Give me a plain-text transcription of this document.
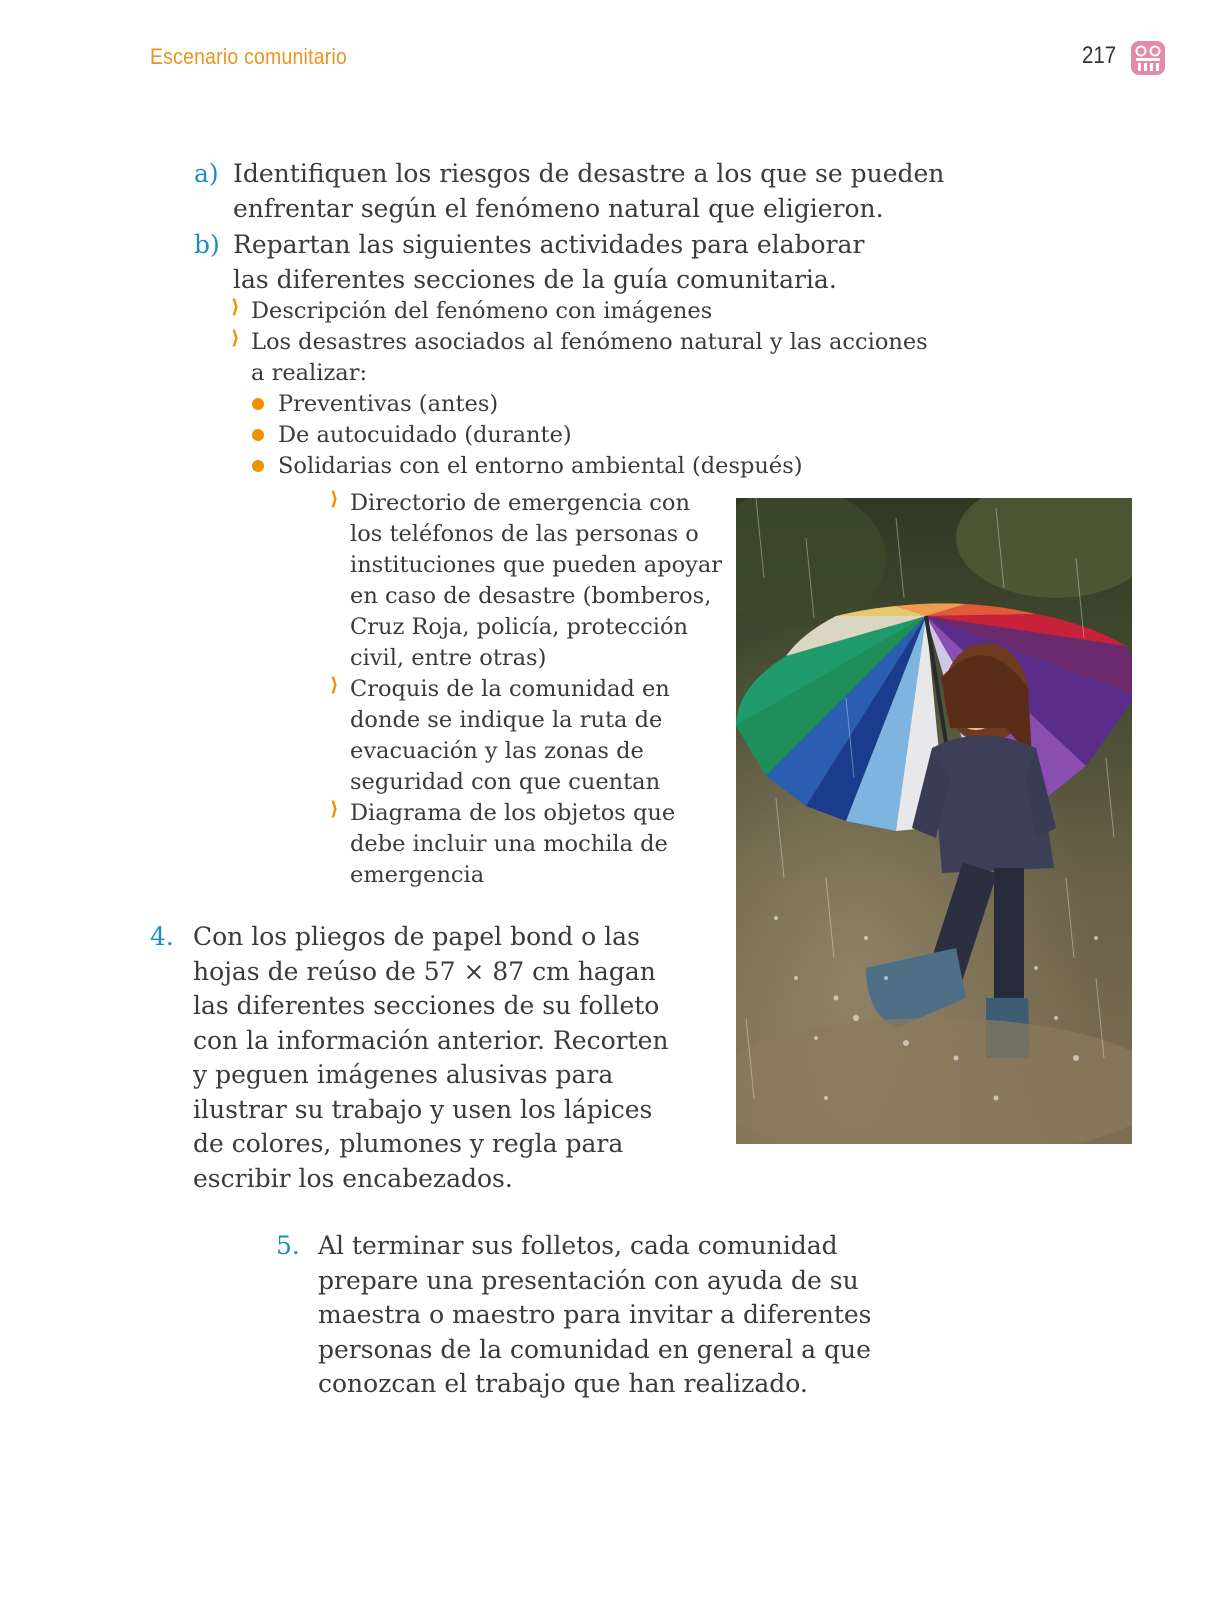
Escenario comunitario	217
a) Identifiquen los riesgos de desastre a los que se pueden
enfrentar según el fenómeno natural que eligieron.
b) Repartan las siguientes actividades para elaborar
las diferentes secciones de la guía comunitaria.
⟩ Descripción del fenómeno con imágenes
⟩ Los desastres asociados al fenómeno natural y las acciones
a realizar:
Preventivas (antes)
De autocuidado (durante)
Solidarias con el entorno ambiental (después)
⟩ Directorio de emergencia con
los teléfonos de las personas o
instituciones que pueden apoyar
en caso de desastre (bomberos,
Cruz Roja, policía, protección
civil, entre otras)
⟩ Croquis de la comunidad en
donde se indique la ruta de
evacuación y las zonas de
seguridad con que cuentan
⟩ Diagrama de los objetos que
debe incluir una mochila de
emergencia
4. Con los pliegos de papel bond o las
hojas de reúso de 57 × 87 cm hagan
las diferentes secciones de su folleto
con la información anterior. Recorten
y peguen imágenes alusivas para
ilustrar su trabajo y usen los lápices
de colores, plumones y regla para
escribir los encabezados.
5. Al terminar sus folletos, cada comunidad
prepare una presentación con ayuda de su
maestra o maestro para invitar a diferentes
personas de la comunidad en general a que
conozcan el trabajo que han realizado.
